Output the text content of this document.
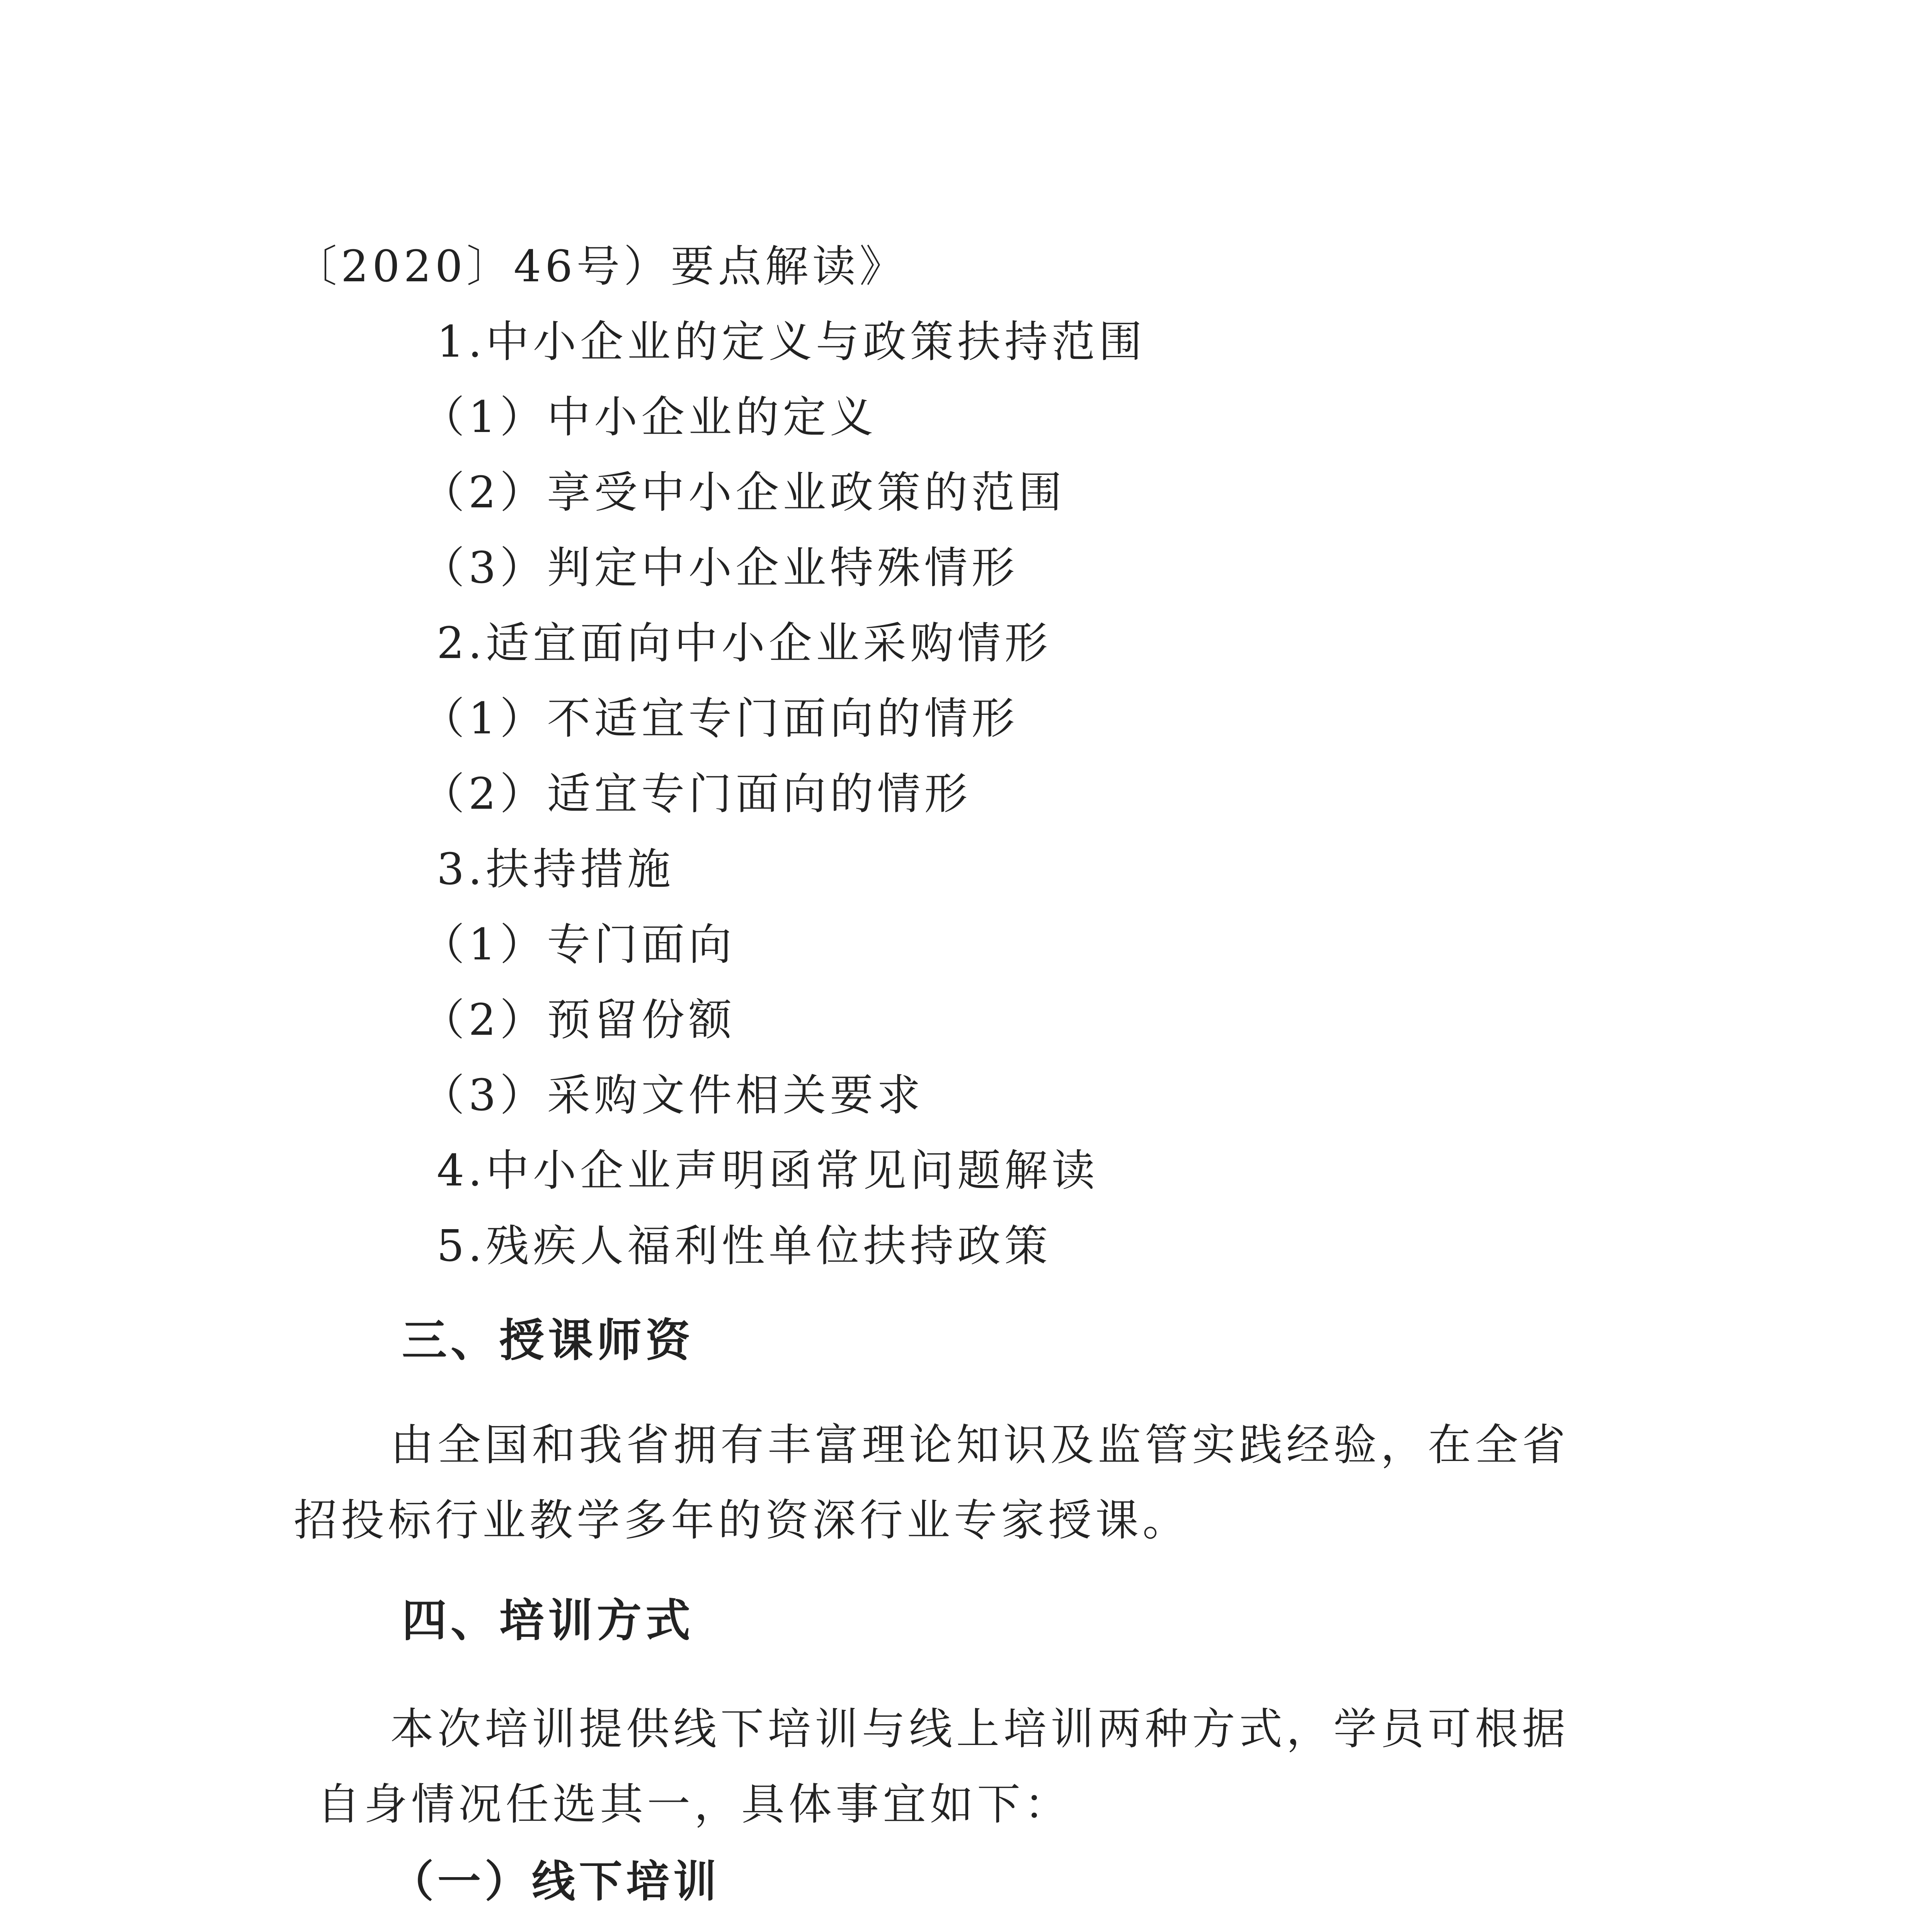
〔2020〕46号）要点解读》
1.中小企业的定义与政策扶持范围
（1）中小企业的定义
（2）享受中小企业政策的范围
（3）判定中小企业特殊情形
2.适宜面向中小企业采购情形
（1）不适宜专门面向的情形
（2）适宜专门面向的情形
3.扶持措施
（1）专门面向
（2）预留份额
（3）采购文件相关要求
4.中小企业声明函常见问题解读
5.残疾人福利性单位扶持政策
三、授课师资
由全国和我省拥有丰富理论知识及监管实践经验，在全省
招投标行业教学多年的资深行业专家授课。
四、培训方式
本次培训提供线下培训与线上培训两种方式，学员可根据
自身情况任选其一，具体事宜如下：
（一）线下培训
